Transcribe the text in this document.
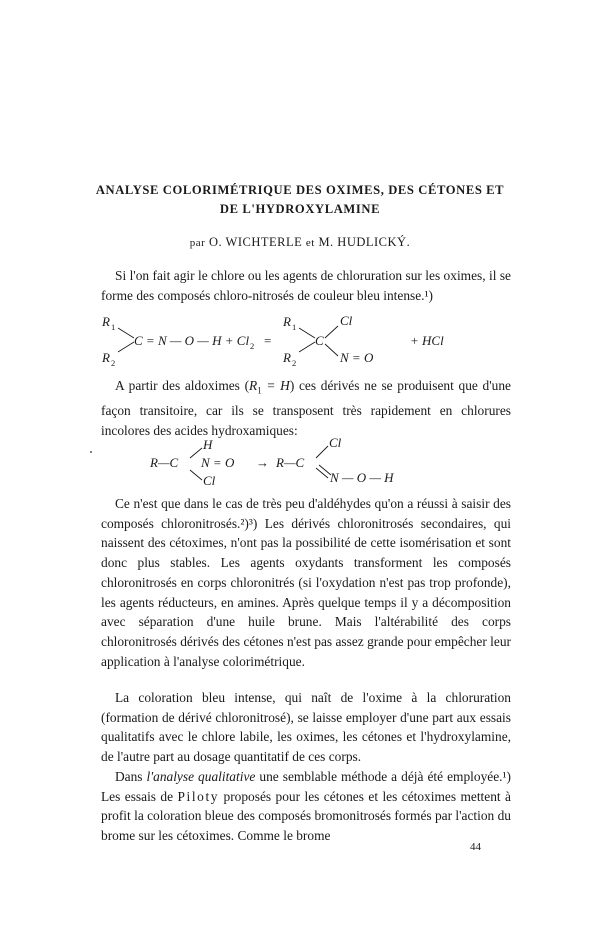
ANALYSE COLORIMÉTRIQUE DES OXIMES, DES CÉTONES ET
DE L'HYDROXYLAMINE
par O. WICHTERLE et M. HUDLICKÝ.

Si l'on fait agir le chlore ou les agents de chloruration sur les oximes, il se forme des composés chloro-nitrosés de couleur bleu intense.¹)

R 1
R 2
C = N — O — H + Cl 2 =
R 1
R 2
C
Cl
N = O
+ HCl

A partir des aldoximes $(R_1 = H)$ ces dérivés ne se produisent que d'une façon transitoire, car ils se transposent très rapidement en chlorures incolores des acides hydroxamiques:

R—C
H
N = O
Cl
→ R—C
Cl
N — O — H

Ce n'est que dans le cas de très peu d'aldéhydes qu'on a réussi à saisir des composés chloronitrosés.²)³) Les dérivés chloronitrosés secondaires, qui naissent des cétoximes, n'ont pas la possibilité de cette isomérisation et sont donc plus stables. Les agents oxydants transforment les composés chloronitrosés en corps chloronitrés (si l'oxydation n'est pas trop profonde), les agents réducteurs, en amines. Après quelque temps il y a décomposition avec séparation d'une huile brune. Mais l'altérabilité des corps chloronitrosés dérivés des cétones n'est pas assez grande pour empêcher leur application à l'analyse colorimétrique.

La coloration bleu intense, qui naît de l'oxime à la chloruration (formation de dérivé chloronitrosé), se laisse employer d'une part aux essais qualitatifs avec le chlore labile, les oximes, les cétones et l'hydroxylamine, de l'autre part au dosage quantitatif de ces corps.

Dans l'analyse qualitative une semblable méthode a déjà été employée.¹) Les essais de Piloty proposés pour les cétones et les cétoximes mettent à profit la coloration bleue des composés bromonitrosés formés par l'action du brome sur les cétoximes. Comme le brome

44
